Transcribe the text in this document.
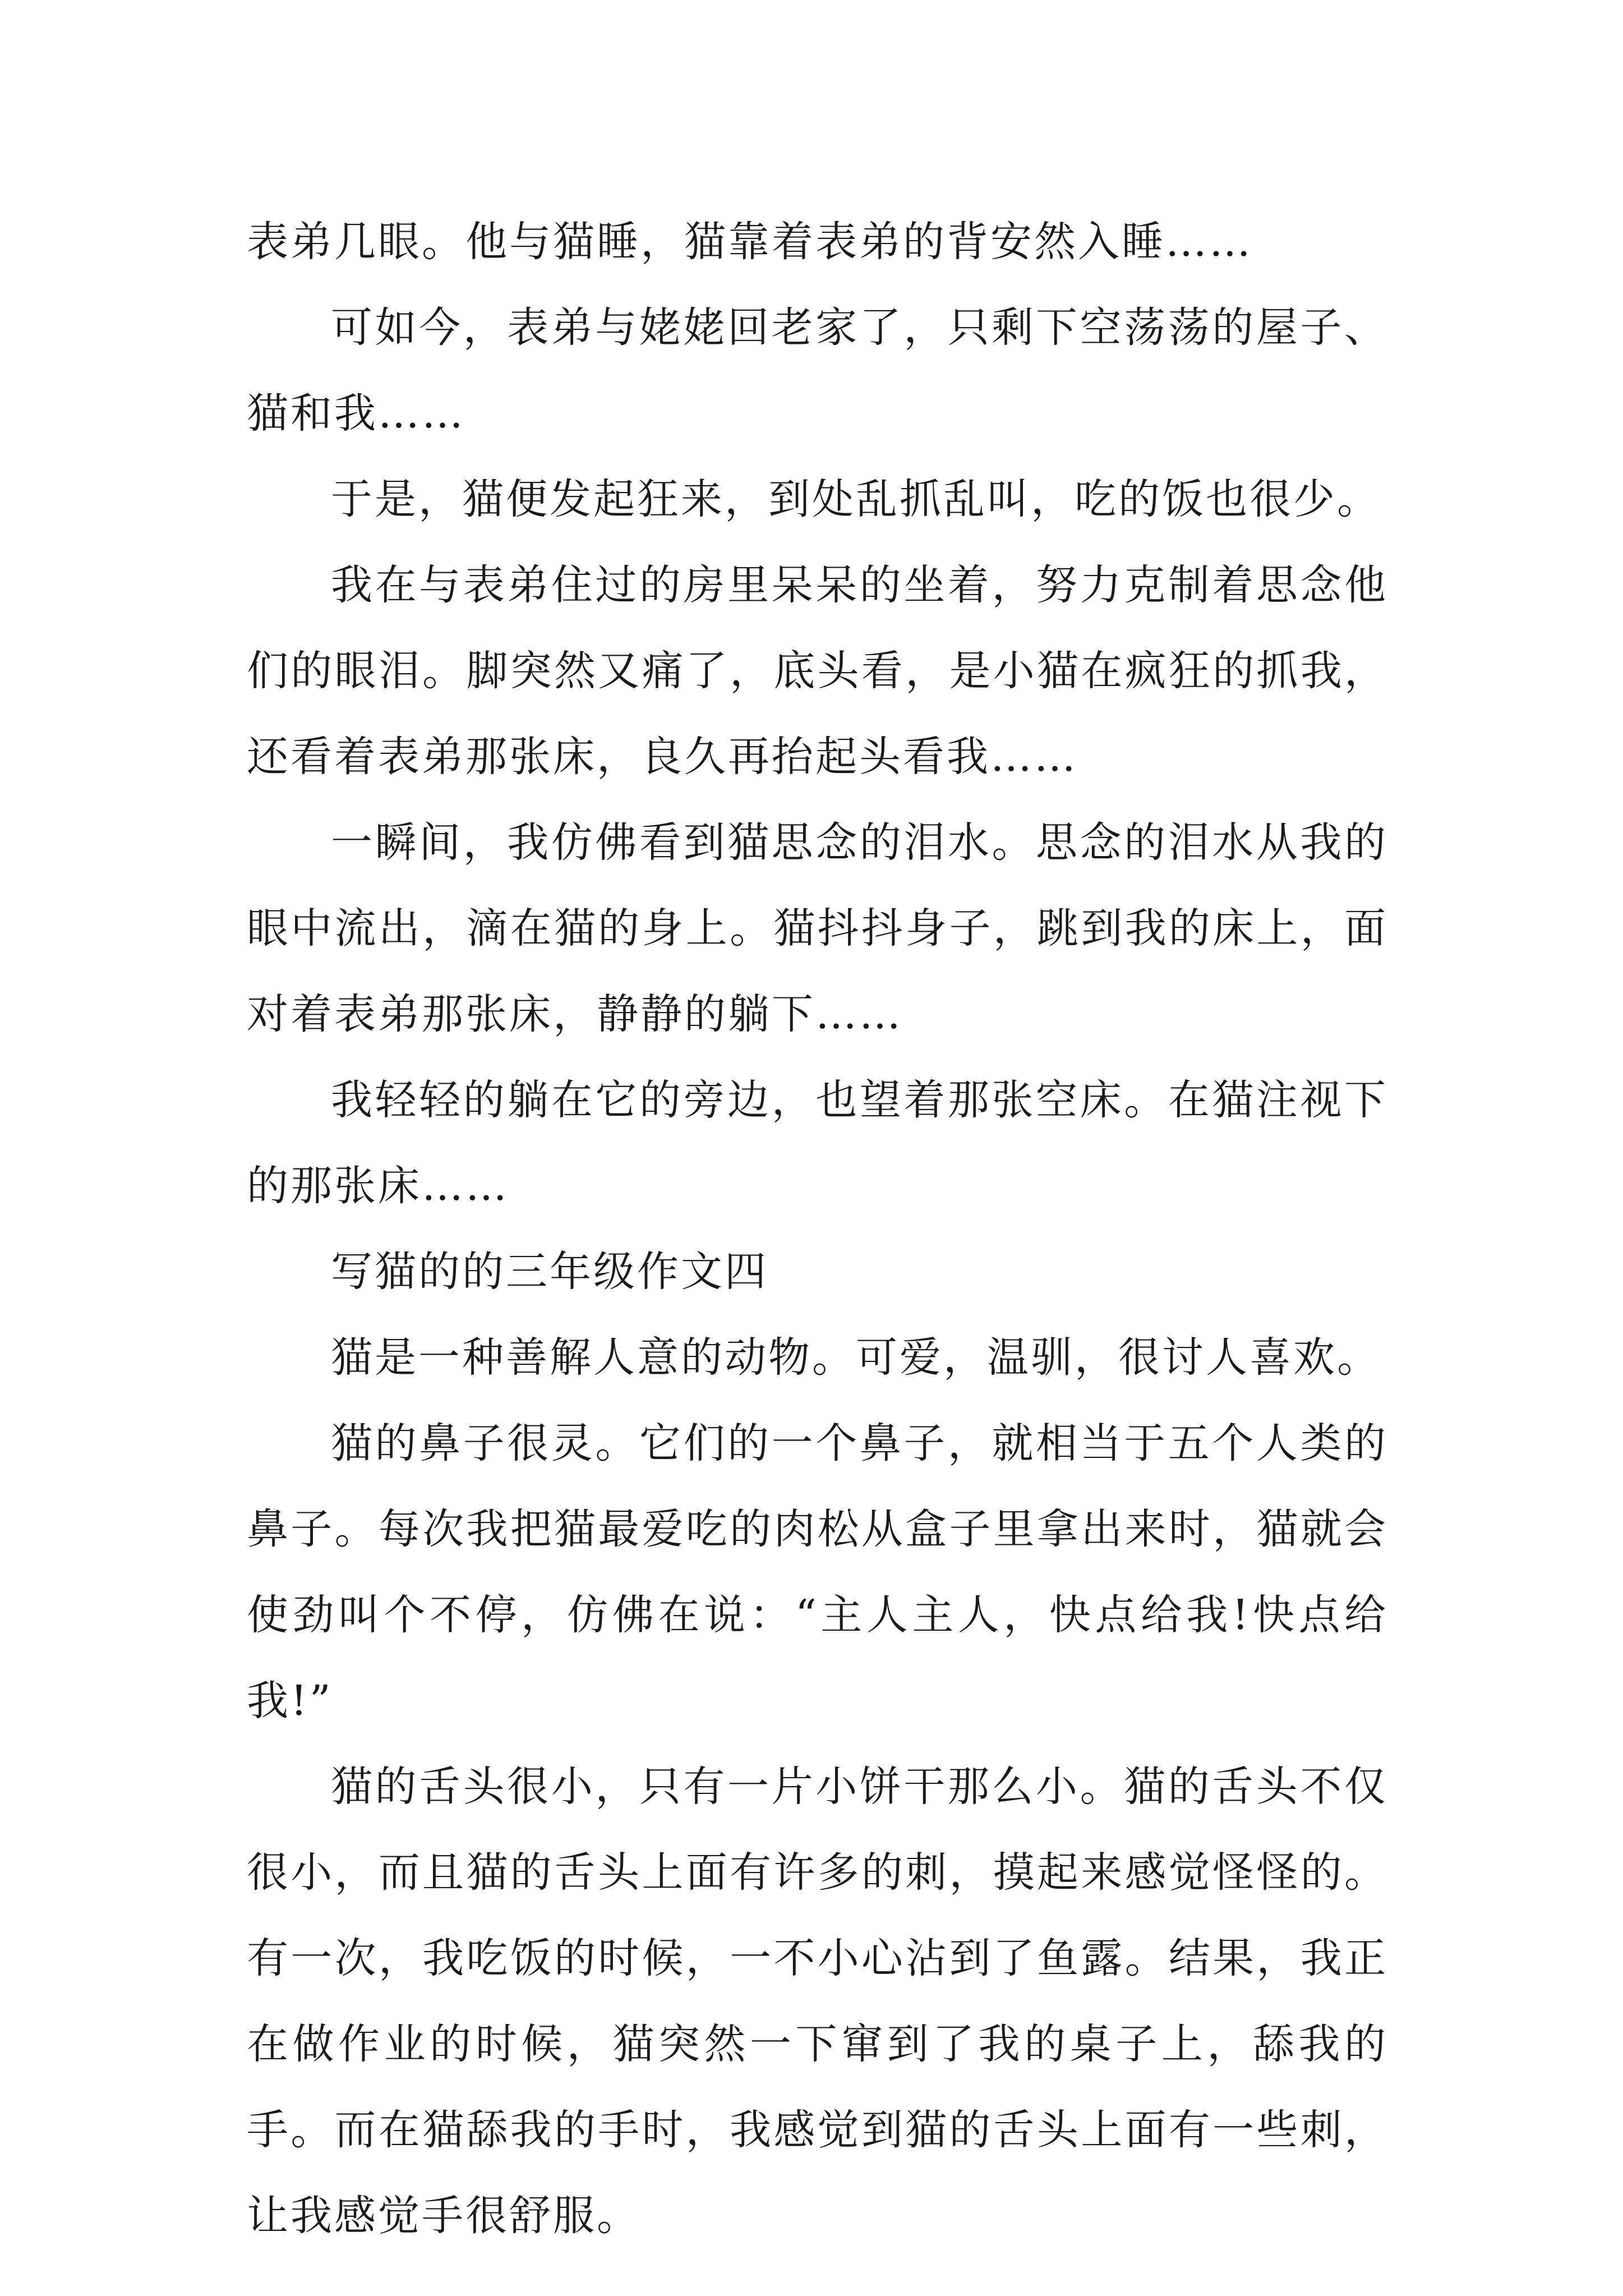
表弟几眼。他与猫睡，猫靠着表弟的背安然入睡……

可如今，表弟与姥姥回老家了，只剩下空荡荡的屋子、猫和我……

于是，猫便发起狂来，到处乱抓乱叫，吃的饭也很少。

我在与表弟住过的房里呆呆的坐着，努力克制着思念他们的眼泪。脚突然又痛了，底头看，是小猫在疯狂的抓我，还看着表弟那张床，良久再抬起头看我……

一瞬间，我仿佛看到猫思念的泪水。思念的泪水从我的眼中流出，滴在猫的身上。猫抖抖身子，跳到我的床上，面对着表弟那张床，静静的躺下……

我轻轻的躺在它的旁边，也望着那张空床。在猫注视下的那张床……

写猫的的三年级作文四

猫是一种善解人意的动物。可爱，温驯，很讨人喜欢。

猫的鼻子很灵。它们的一个鼻子，就相当于五个人类的鼻子。每次我把猫最爱吃的肉松从盒子里拿出来时，猫就会使劲叫个不停，仿佛在说：“主人主人，快点给我!快点给我!”

猫的舌头很小，只有一片小饼干那么小。猫的舌头不仅很小，而且猫的舌头上面有许多的刺，摸起来感觉怪怪的。有一次，我吃饭的时候，一不小心沾到了鱼露。结果，我正在做作业的时候，猫突然一下窜到了我的桌子上，舔我的手。而在猫舔我的手时，我感觉到猫的舌头上面有一些刺，让我感觉手很舒服。
